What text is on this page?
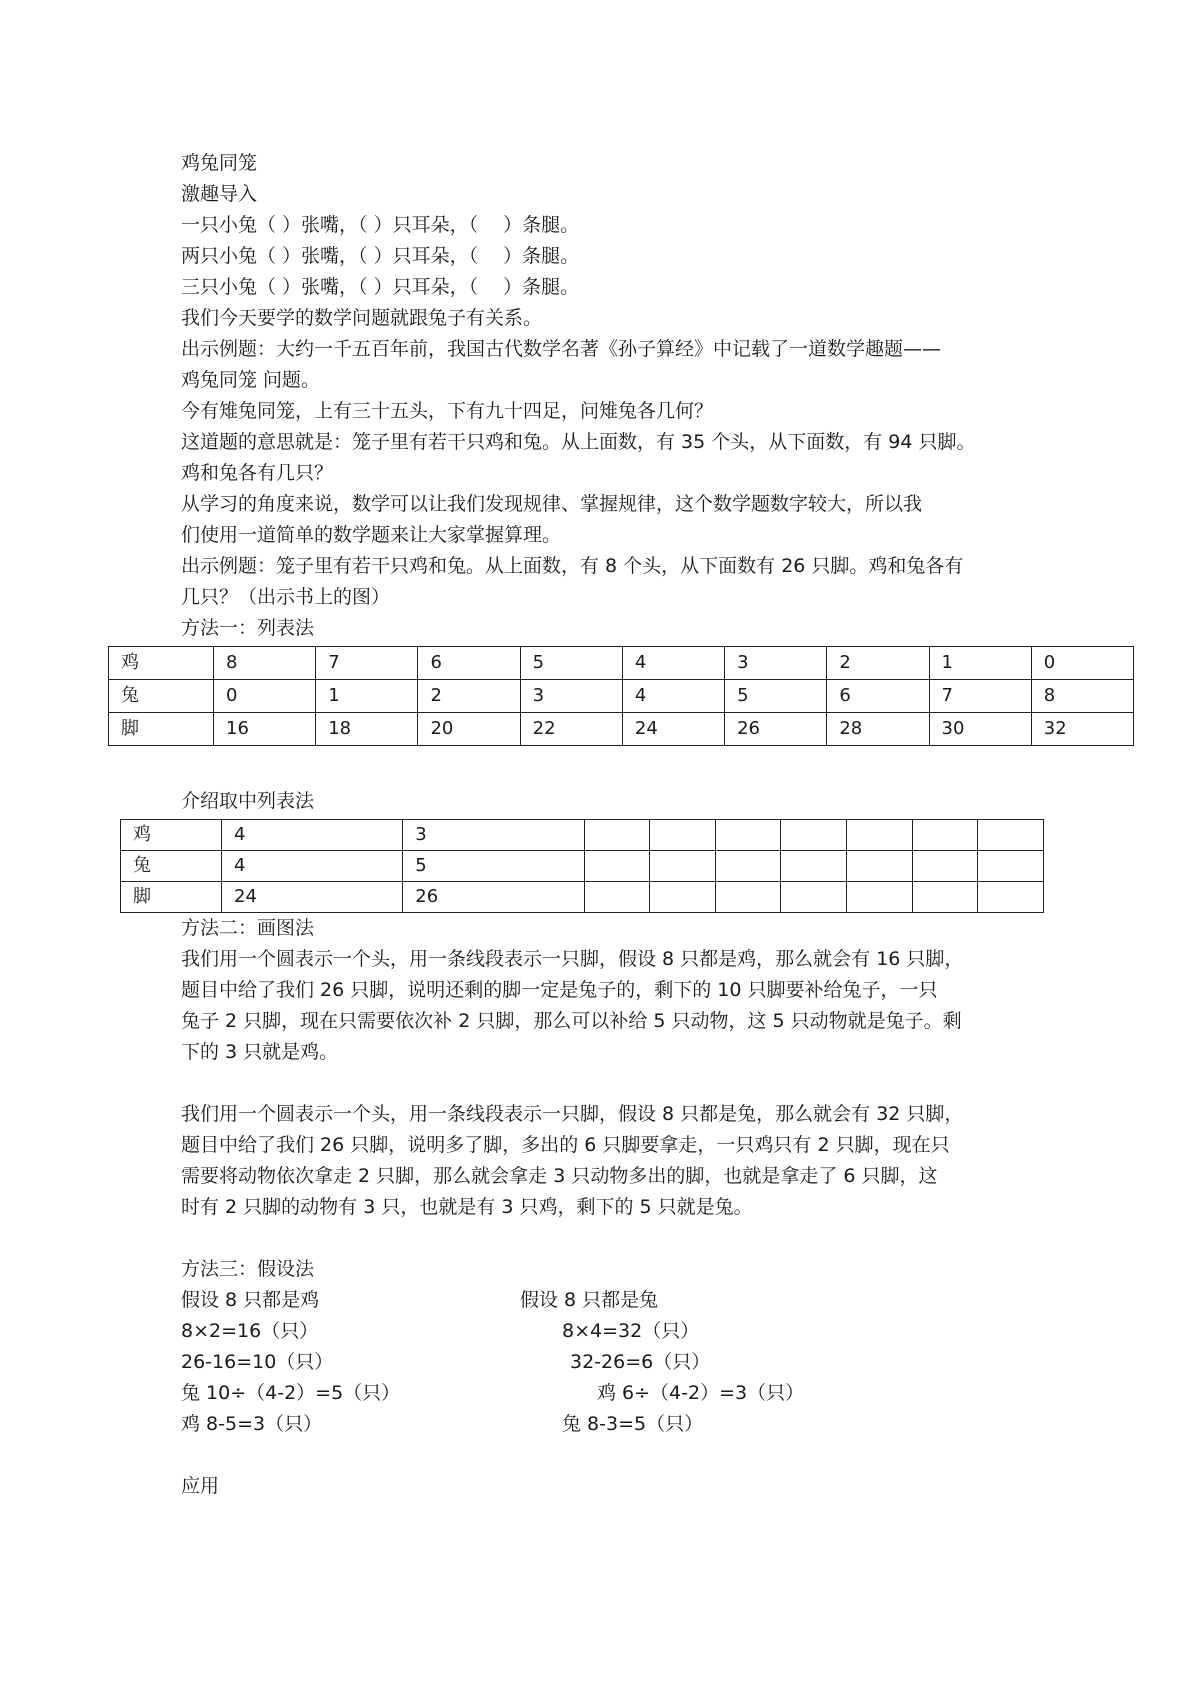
鸡兔同笼

激趣导入

一只小兔（ ）张嘴，（ ）只耳朵，（　 ）条腿。

两只小兔（ ）张嘴，（ ）只耳朵，（　 ）条腿。

三只小兔（ ）张嘴，（ ）只耳朵，（　 ）条腿。

我们今天要学的数学问题就跟兔子有关系。

出示例题：大约一千五百年前，我国古代数学名著《孙子算经》中记载了一道数学趣题——

鸡兔同笼 问题。

今有雉兔同笼，上有三十五头，下有九十四足，问雉兔各几何？

这道题的意思就是：笼子里有若干只鸡和兔。从上面数，有 35 个头，从下面数，有 94 只脚。

鸡和兔各有几只？

从学习的角度来说，数学可以让我们发现规律、掌握规律，这个数学题数字较大，所以我

们使用一道简单的数学题来让大家掌握算理。

出示例题：笼子里有若干只鸡和兔。从上面数，有 8 个头，从下面数有 26 只脚。鸡和兔各有

几只？（出示书上的图）

方法一：列表法

鸡	8	7	6	5	4	3	2	1	0
兔	0	1	2	3	4	5	6	7	8
脚	16	18	20	22	24	26	28	30	32

介绍取中列表法

鸡	4	3							
兔	4	5							
脚	24	26							

方法二：画图法

我们用一个圆表示一个头，用一条线段表示一只脚，假设 8 只都是鸡，那么就会有 16 只脚，

题目中给了我们 26 只脚，说明还剩的脚一定是兔子的，剩下的 10 只脚要补给兔子，一只

兔子 2 只脚，现在只需要依次补 2 只脚，那么可以补给 5 只动物，这 5 只动物就是兔子。剩

下的 3 只就是鸡。

我们用一个圆表示一个头，用一条线段表示一只脚，假设 8 只都是兔，那么就会有 32 只脚，

题目中给了我们 26 只脚，说明多了脚，多出的 6 只脚要拿走，一只鸡只有 2 只脚，现在只

需要将动物依次拿走 2 只脚，那么就会拿走 3 只动物多出的脚，也就是拿走了 6 只脚，这

时有 2 只脚的动物有 3 只，也就是有 3 只鸡，剩下的 5 只就是兔。

方法三：假设法

假设 8 只都是鸡

8×2=16（只）

26-16=10（只）

兔 10÷（4-2）=5（只）

鸡 8-5=3（只）

假设 8 只都是兔

8×4=32（只）

32-26=6（只）

鸡 6÷（4-2）=3（只）

兔 8-3=5（只）

应用
